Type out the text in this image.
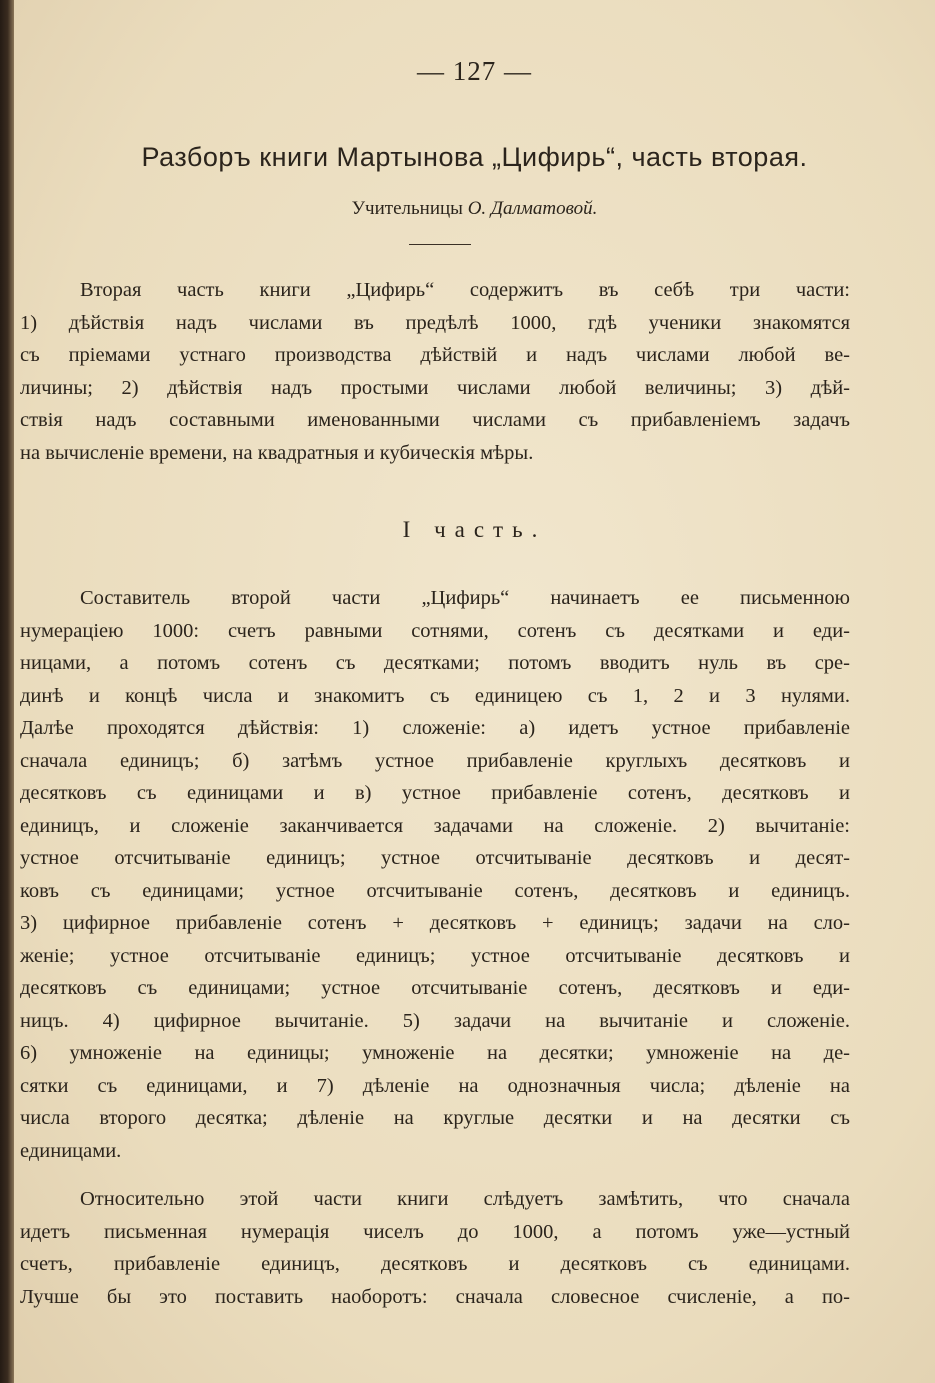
— 127 —
Разборъ книги Мартынова „Цифирь“, часть вторая.
Учительницы О. Далматовой.

Вторая часть книги „Цифирь“ содержитъ въ себѣ три части:

1) дѣйствія надъ числами въ предѣлѣ 1000, гдѣ ученики знакомятся

съ пріемами устнаго производства дѣйствій и надъ числами любой ве-

личины; 2) дѣйствія надъ простыми числами любой величины; 3) дѣй-

ствія надъ составными именованными числами съ прибавленіемъ задачъ

на вычисленіе времени, на квадратныя и кубическія мѣры.

I часть.

Составитель второй части „Цифирь“ начинаетъ ее письменною

нумераціею 1000: счетъ равными сотнями, сотенъ съ десятками и еди-

ницами, а потомъ сотенъ съ десятками; потомъ вводитъ нуль въ сре-

динѣ и концѣ числа и знакомитъ съ единицею съ 1, 2 и 3 нулями.

Далѣе проходятся дѣйствія: 1) сложеніе: а) идетъ устное прибавленіе

сначала единицъ; б) затѣмъ устное прибавленіе круглыхъ десятковъ и

десятковъ съ единицами и в) устное прибавленіе сотенъ, десятковъ и

единицъ, и сложеніе заканчивается задачами на сложеніе. 2) вычитаніе:

устное отсчитываніе единицъ; устное отсчитываніе десятковъ и десят-

ковъ съ единицами; устное отсчитываніе сотенъ, десятковъ и единицъ.

3) цифирное прибавленіе сотенъ + десятковъ + единицъ; задачи на сло-

женіе; устное отсчитываніе единицъ; устное отсчитываніе десятковъ и

десятковъ съ единицами; устное отсчитываніе сотенъ, десятковъ и еди-

ницъ. 4) цифирное вычитаніе. 5) задачи на вычитаніе и сложеніе.

6) умноженіе на единицы; умноженіе на десятки; умноженіе на де-

сятки съ единицами, и 7) дѣленіе на однозначныя числа; дѣленіе на

числа второго десятка; дѣленіе на круглые десятки и на десятки съ

единицами.

Относительно этой части книги слѣдуетъ замѣтить, что сначала

идетъ письменная нумерація чиселъ до 1000, а потомъ уже—устный

счетъ, прибавленіе единицъ, десятковъ и десятковъ съ единицами.

Лучше бы это поставить наоборотъ: сначала словесное счисленіе, а по-
